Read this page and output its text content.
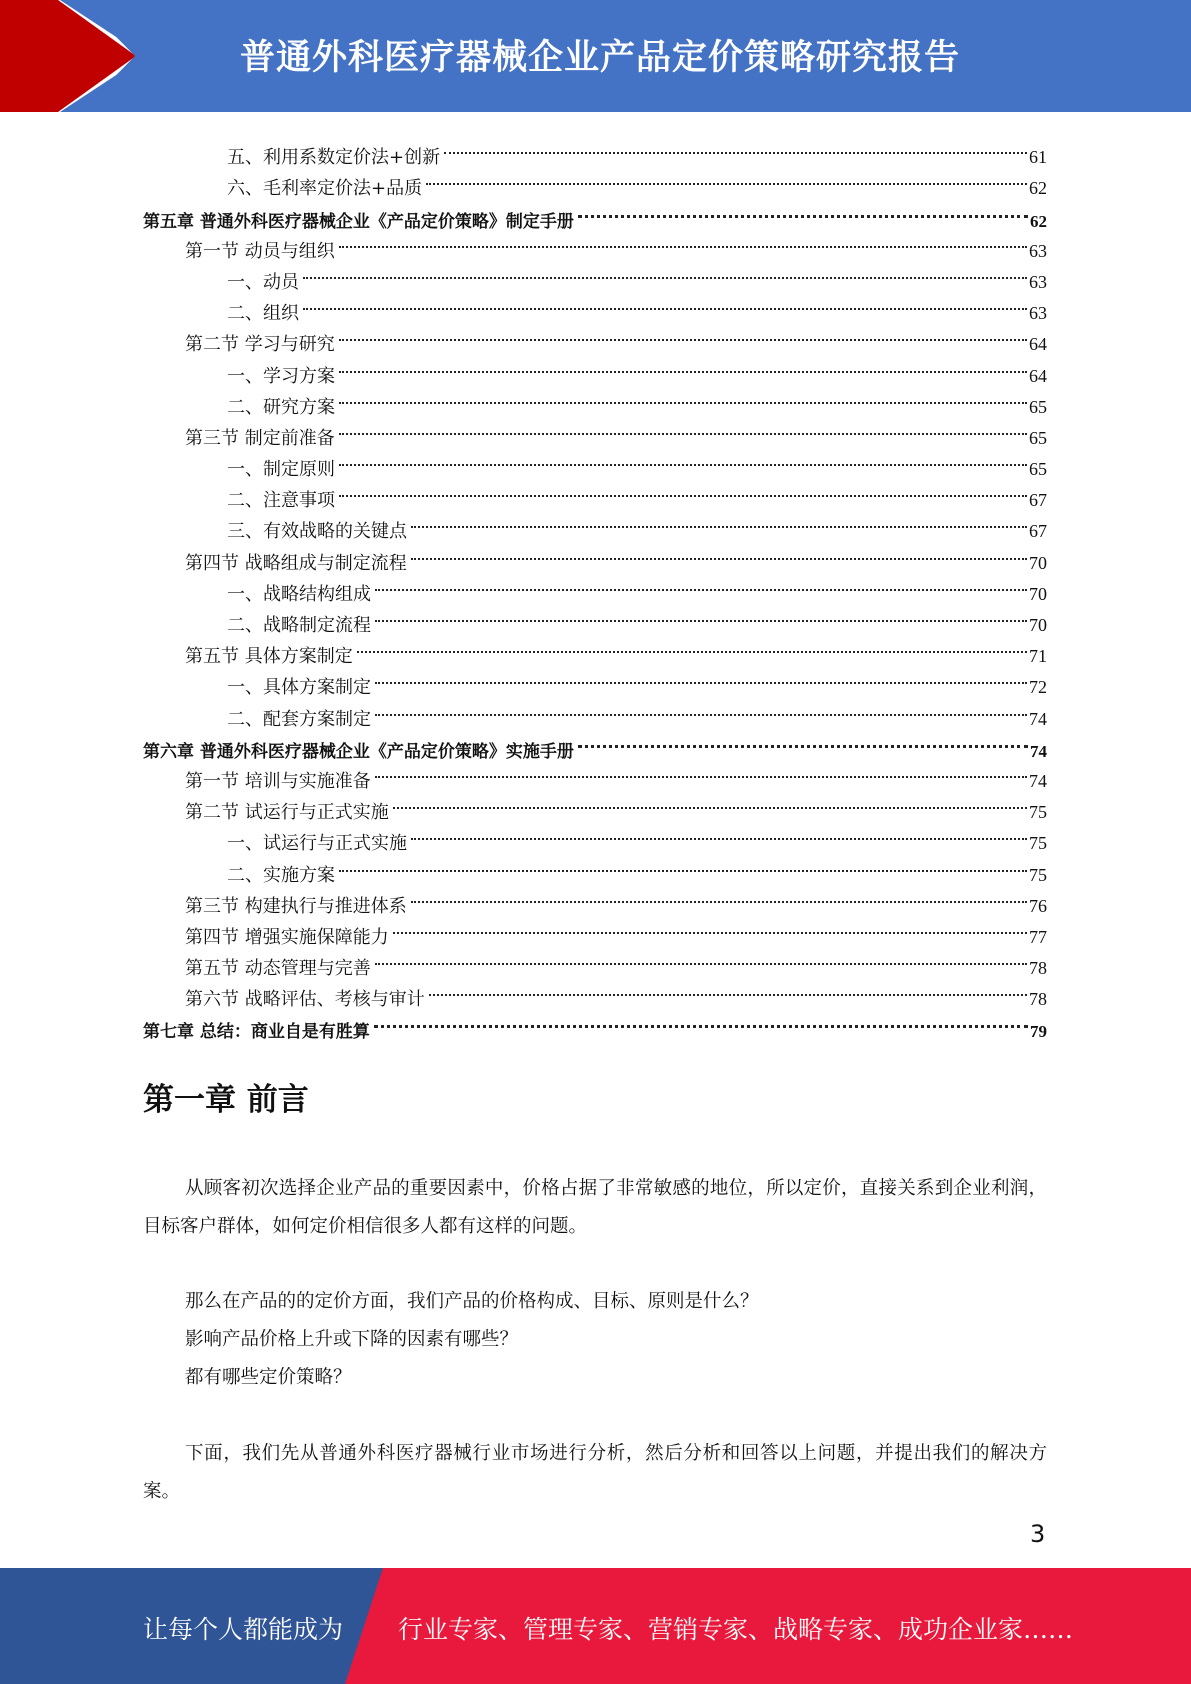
普通外科医疗器械企业产品定价策略研究报告
五、利用系数定价法+创新	61
六、毛利率定价法+品质	62
第五章 普通外科医疗器械企业《产品定价策略》制定手册	62
第一节 动员与组织	63
一、动员	63
二、组织	63
第二节 学习与研究	64
一、学习方案	64
二、研究方案	65
第三节 制定前准备	65
一、制定原则	65
二、注意事项	67
三、有效战略的关键点	67
第四节 战略组成与制定流程	70
一、战略结构组成	70
二、战略制定流程	70
第五节 具体方案制定	71
一、具体方案制定	72
二、配套方案制定	74
第六章 普通外科医疗器械企业《产品定价策略》实施手册	74
第一节 培训与实施准备	74
第二节 试运行与正式实施	75
一、试运行与正式实施	75
二、实施方案	75
第三节 构建执行与推进体系	76
第四节 增强实施保障能力	77
第五节 动态管理与完善	78
第六节 战略评估、考核与审计	78
第七章 总结：商业自是有胜算	79
第一章 前言
从顾客初次选择企业产品的重要因素中，价格占据了非常敏感的地位，所以定价，直接关系到企业利润，目标客户群体，如何定价相信很多人都有这样的问题。
那么在产品的的定价方面，我们产品的价格构成、目标、原则是什么？
影响产品价格上升或下降的因素有哪些？
都有哪些定价策略？
下面，我们先从普通外科医疗器械行业市场进行分析，然后分析和回答以上问题，并提出我们的解决方案。
3
让每个人都能成为 行业专家、管理专家、营销专家、战略专家、成功企业家……
